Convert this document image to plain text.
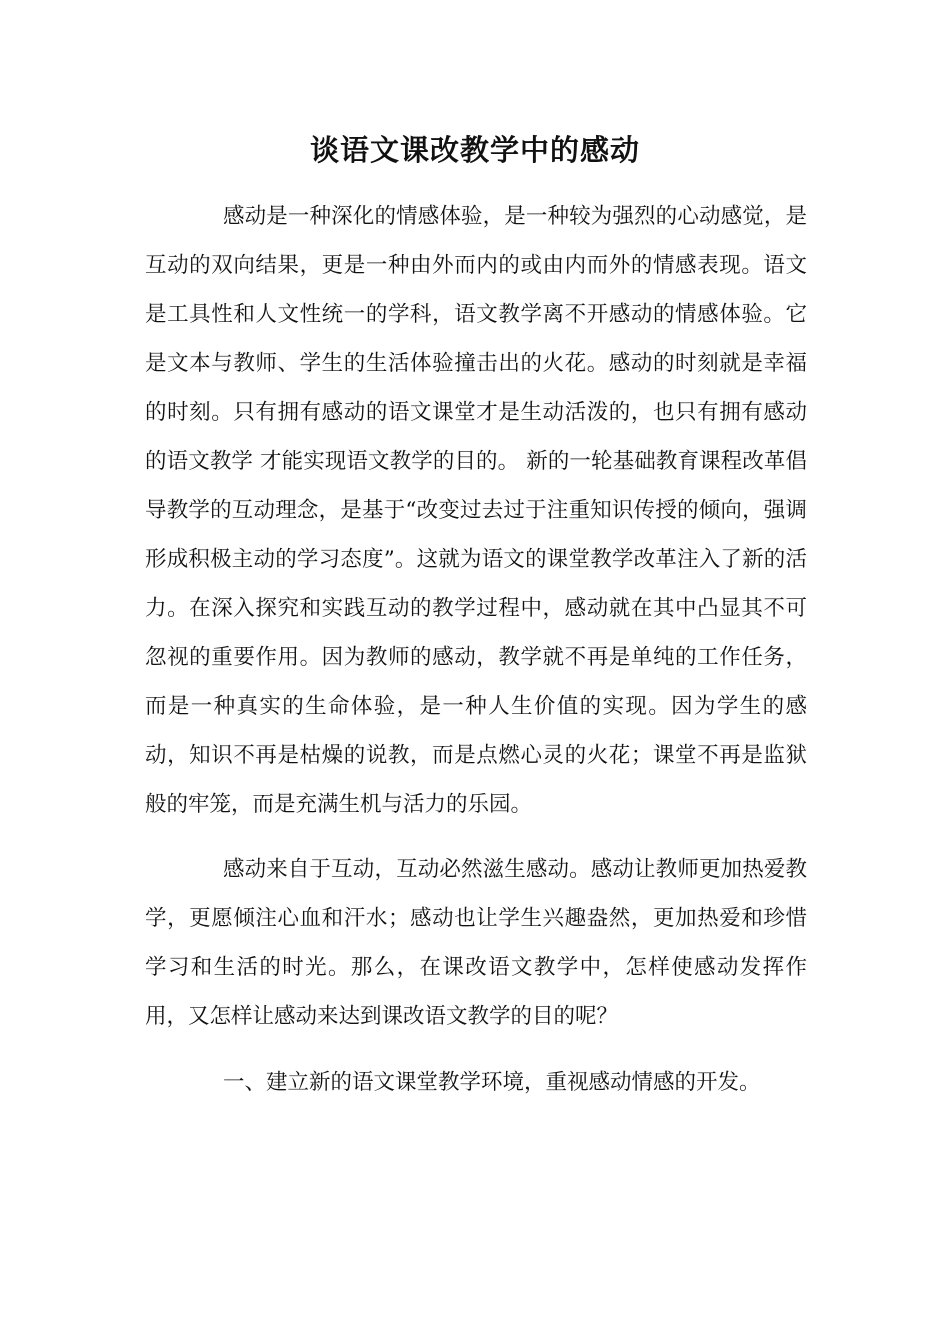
谈语文课改教学中的感动

感动是一种深化的情感体验，是一种较为强烈的心动感觉，是互动的双向结果，更是一种由外而内的或由内而外的情感表现。语文是工具性和人文性统一的学科，语文教学离不开感动的情感体验。它是文本与教师、学生的生活体验撞击出的火花。感动的时刻就是幸福的时刻。只有拥有感动的语文课堂才是生动活泼的，也只有拥有感动的语文教学 才能实现语文教学的目的。 新的一轮基础教育课程改革倡导教学的互动理念，是基于“改变过去过于注重知识传授的倾向，强调形成积极主动的学习态度”。这就为语文的课堂教学改革注入了新的活力。在深入探究和实践互动的教学过程中，感动就在其中凸显其不可忽视的重要作用。因为教师的感动，教学就不再是单纯的工作任务，而是一种真实的生命体验，是一种人生价值的实现。因为学生的感动，知识不再是枯燥的说教，而是点燃心灵的火花；课堂不再是监狱般的牢笼，而是充满生机与活力的乐园。

感动来自于互动，互动必然滋生感动。感动让教师更加热爱教学，更愿倾注心血和汗水；感动也让学生兴趣盎然，更加热爱和珍惜学习和生活的时光。那么，在课改语文教学中，怎样使感动发挥作用，又怎样让感动来达到课改语文教学的目的呢？

一、建立新的语文课堂教学环境，重视感动情感的开发。
